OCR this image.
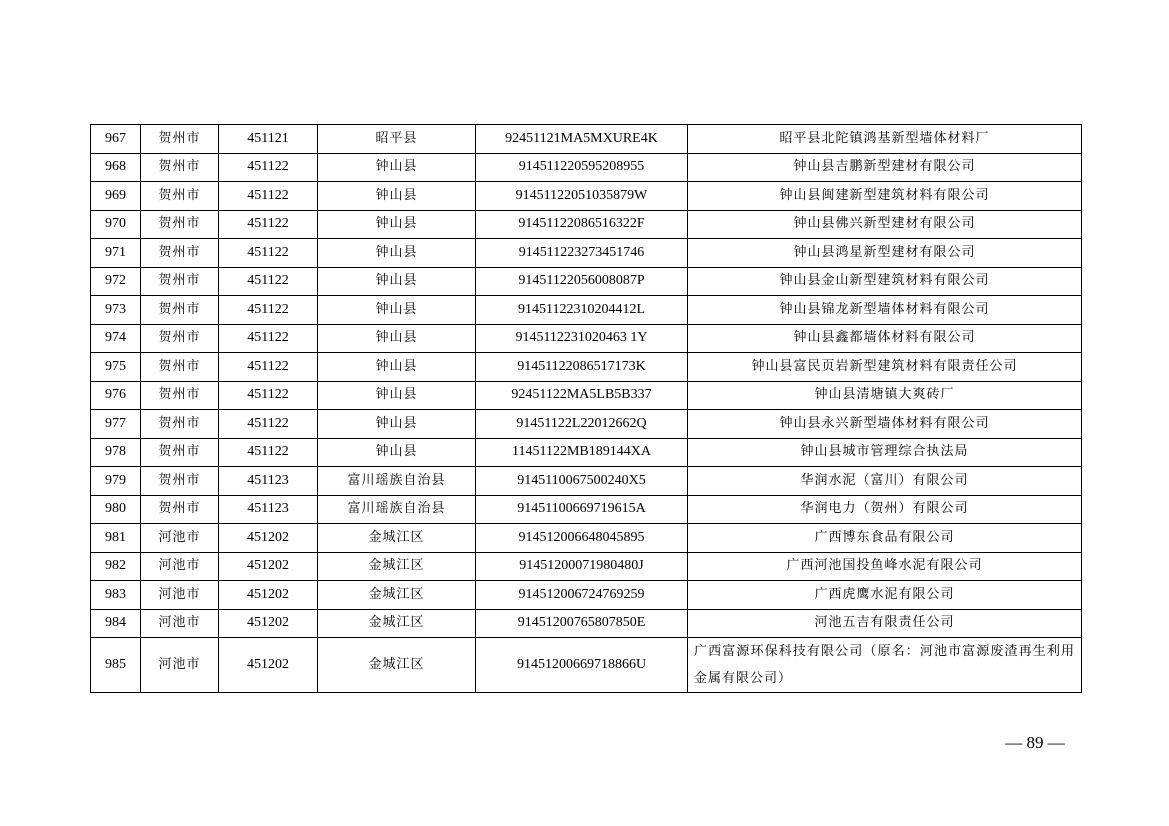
967	贺州市	451121	昭平县	92451121MA5MXURE4K	昭平县北陀镇鸿基新型墙体材料厂
968	贺州市	451122	钟山县	914511220595208955	钟山县吉鹏新型建材有限公司
969	贺州市	451122	钟山县	91451122051035879W	钟山县闽建新型建筑材料有限公司
970	贺州市	451122	钟山县	91451122086516322F	钟山县佛兴新型建材有限公司
971	贺州市	451122	钟山县	914511223273451746	钟山县鸿星新型建材有限公司
972	贺州市	451122	钟山县	91451122056008087P	钟山县金山新型建筑材料有限公司
973	贺州市	451122	钟山县	91451122310204412L	钟山县锦龙新型墙体材料有限公司
974	贺州市	451122	钟山县	9145112231020463 1Y	钟山县鑫都墙体材料有限公司
975	贺州市	451122	钟山县	91451122086517173K	钟山县富民页岩新型建筑材料有限责任公司
976	贺州市	451122	钟山县	92451122MA5LB5B337	钟山县清塘镇大爽砖厂
977	贺州市	451122	钟山县	91451122L22012662Q	钟山县永兴新型墙体材料有限公司
978	贺州市	451122	钟山县	11451122MB189144XA	钟山县城市管理综合执法局
979	贺州市	451123	富川瑶族自治县	9145110067500240X5	华润水泥（富川）有限公司
980	贺州市	451123	富川瑶族自治县	91451100669719615A	华润电力（贺州）有限公司
981	河池市	451202	金城江区	914512006648045895	广西博东食品有限公司
982	河池市	451202	金城江区	91451200071980480J	广西河池国投鱼峰水泥有限公司
983	河池市	451202	金城江区	914512006724769259	广西虎鹰水泥有限公司
984	河池市	451202	金城江区	91451200765807850E	河池五吉有限责任公司
985	河池市	451202	金城江区	91451200669718866U	广西富源环保科技有限公司（原名：河池市富源废渣再生利用金属有限公司）
— 89 —
